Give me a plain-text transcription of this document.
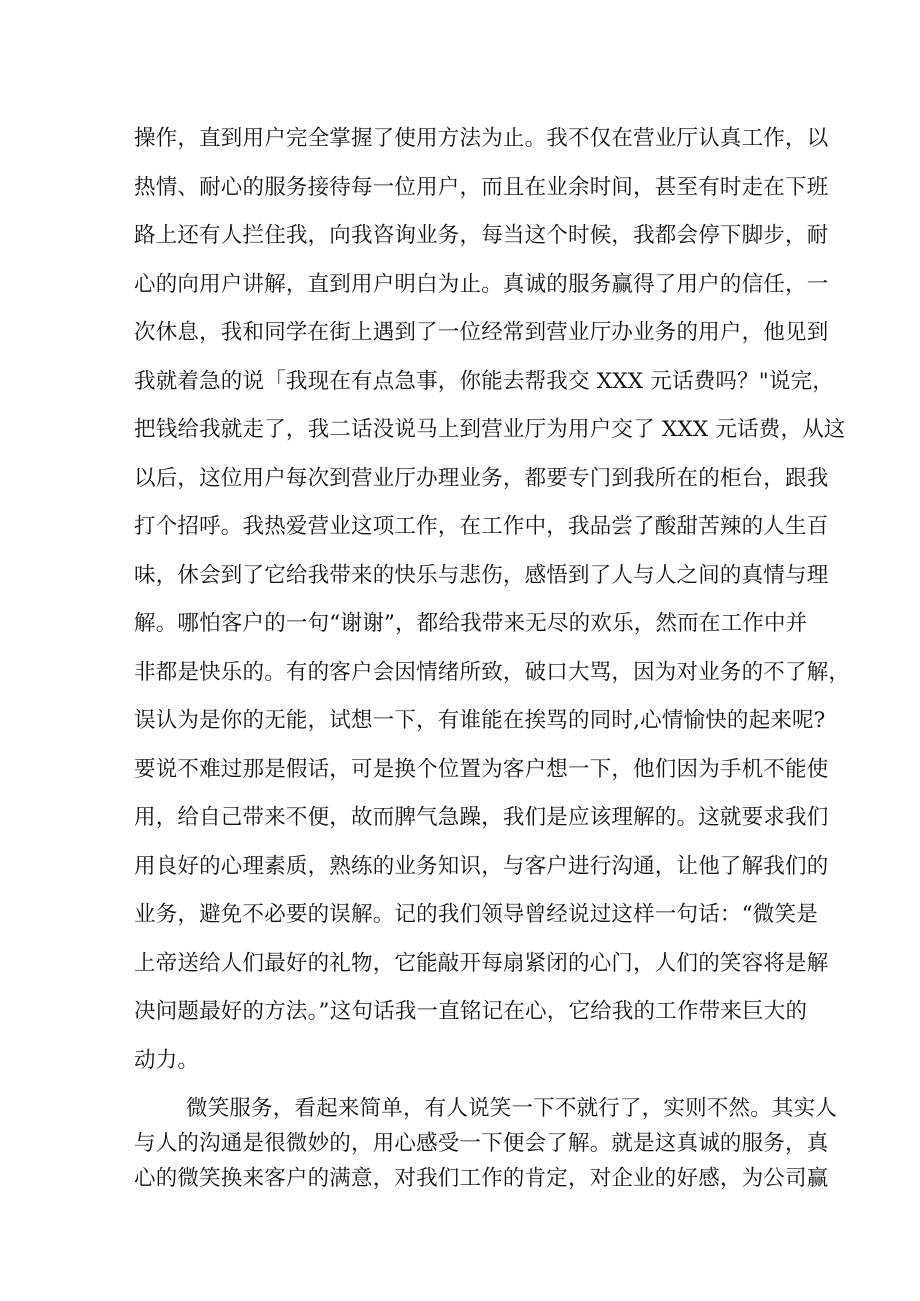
操作，直到用户完全掌握了使用方法为止。我不仅在营业厅认真工作，以
热情、耐心的服务接待每一位用户，而且在业余时间，甚至有时走在下班
路上还有人拦住我，向我咨询业务，每当这个时候，我都会停下脚步，耐
心的向用户讲解，直到用户明白为止。真诚的服务赢得了用户的信任，一
次休息，我和同学在街上遇到了一位经常到营业厅办业务的用户，他见到
我就着急的说「我现在有点急事，你能去帮我交 XXX 元话费吗？"说完，
把钱给我就走了，我二话没说马上到营业厅为用户交了 XXX 元话费，从这
以后，这位用户每次到营业厅办理业务，都要专门到我所在的柜台，跟我
打个招呼。我热爱营业这项工作，在工作中，我品尝了酸甜苦辣的人生百
味，休会到了它给我带来的快乐与悲伤，感悟到了人与人之间的真情与理
解。哪怕客户的一句“谢谢”，都给我带来无尽的欢乐，然而在工作中并
非都是快乐的。有的客户会因情绪所致，破口大骂，因为对业务的不了解，
误认为是你的无能，试想一下，有谁能在挨骂的同时,心情愉快的起来呢?
要说不难过那是假话，可是换个位置为客户想一下，他们因为手机不能使
用，给自己带来不便，故而脾气急躁，我们是应该理解的。这就要求我们
用良好的心理素质，熟练的业务知识，与客户进行沟通，让他了解我们的
业务，避免不必要的误解。记的我们领导曾经说过这样一句话：“微笑是
上帝送给人们最好的礼物，它能敲开每扇紧闭的心门，人们的笑容将是解
决问题最好的方法。”这句话我一直铭记在心，它给我的工作带来巨大的
动力。
微笑服务，看起来简单，有人说笑一下不就行了，实则不然。其实人
与人的沟通是很微妙的，用心感受一下便会了解。就是这真诚的服务，真
心的微笑换来客户的满意，对我们工作的肯定，对企业的好感，为公司赢
